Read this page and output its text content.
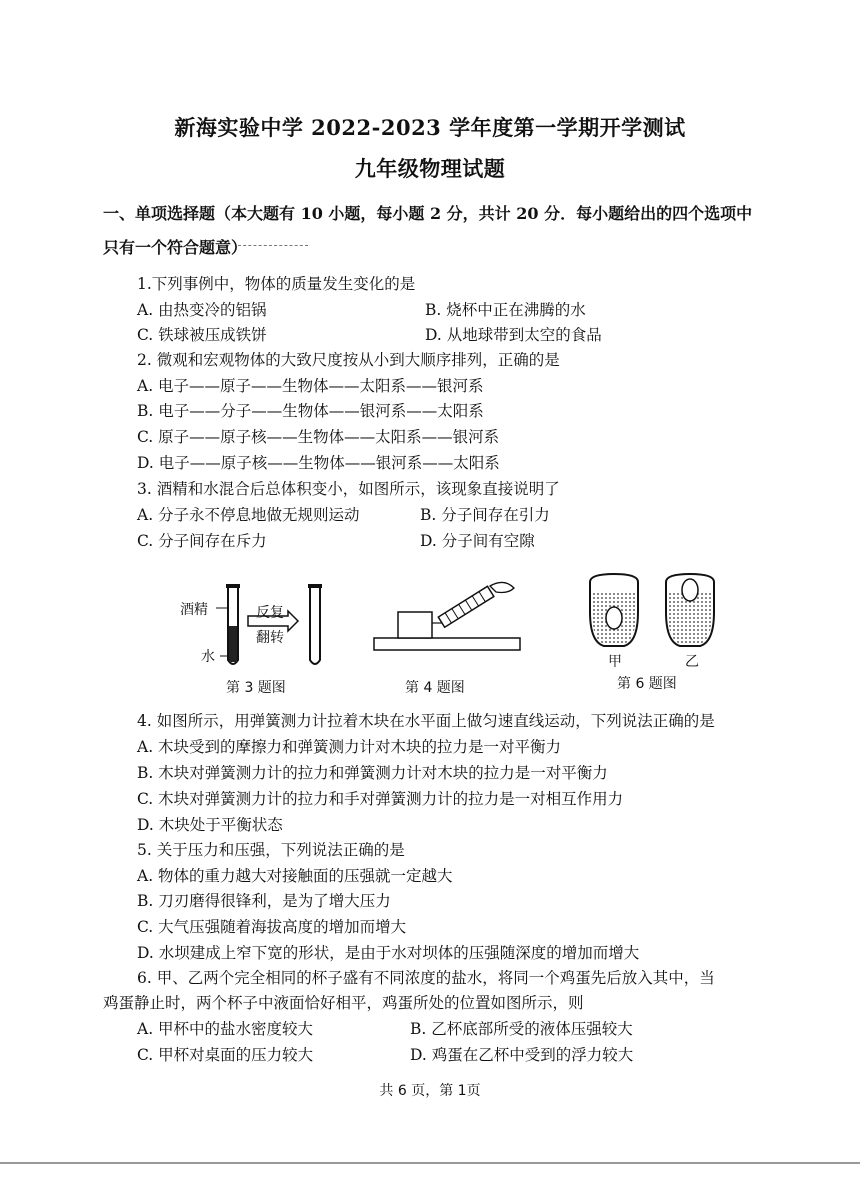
新海实验中学 2022-2023 学年度第一学期开学测试
九年级物理试题
一、单项选择题（本大题有 10 小题，每小题 2 分，共计 20 分．每小题给出的四个选项中
只有一个符合题意）
1.下列事例中，物体的质量发生变化的是
A. 由热变冷的铝锅	B. 烧杯中正在沸腾的水
C. 铁球被压成铁饼	D. 从地球带到太空的食品
2. 微观和宏观物体的大致尺度按从小到大顺序排列，正确的是
A. 电子——原子——生物体——太阳系——银河系
B. 电子——分子——生物体——银河系——太阳系
C. 原子——原子核——生物体——太阳系——银河系
D. 电子——原子核——生物体——银河系——太阳系
3. 酒精和水混合后总体积变小，如图所示，该现象直接说明了
A. 分子永不停息地做无规则运动	B. 分子间存在引力
C. 分子间存在斥力	D. 分子间有空隙
酒精
水
反复
翻转
第 3 题图	第 4 题图
甲	乙
第 6 题图
4. 如图所示，用弹簧测力计拉着木块在水平面上做匀速直线运动，下列说法正确的是
A. 木块受到的摩擦力和弹簧测力计对木块的拉力是一对平衡力
B. 木块对弹簧测力计的拉力和弹簧测力计对木块的拉力是一对平衡力
C. 木块对弹簧测力计的拉力和手对弹簧测力计的拉力是一对相互作用力
D. 木块处于平衡状态
5. 关于压力和压强，下列说法正确的是
A. 物体的重力越大对接触面的压强就一定越大
B. 刀刃磨得很锋利，是为了增大压力
C. 大气压强随着海拔高度的增加而增大
D. 水坝建成上窄下宽的形状，是由于水对坝体的压强随深度的增加而增大
6. 甲、乙两个完全相同的杯子盛有不同浓度的盐水，将同一个鸡蛋先后放入其中，当
鸡蛋静止时，两个杯子中液面恰好相平，鸡蛋所处的位置如图所示，则
A. 甲杯中的盐水密度较大	B. 乙杯底部所受的液体压强较大
C. 甲杯对桌面的压力较大	D. 鸡蛋在乙杯中受到的浮力较大
共 6 页，第 1页
